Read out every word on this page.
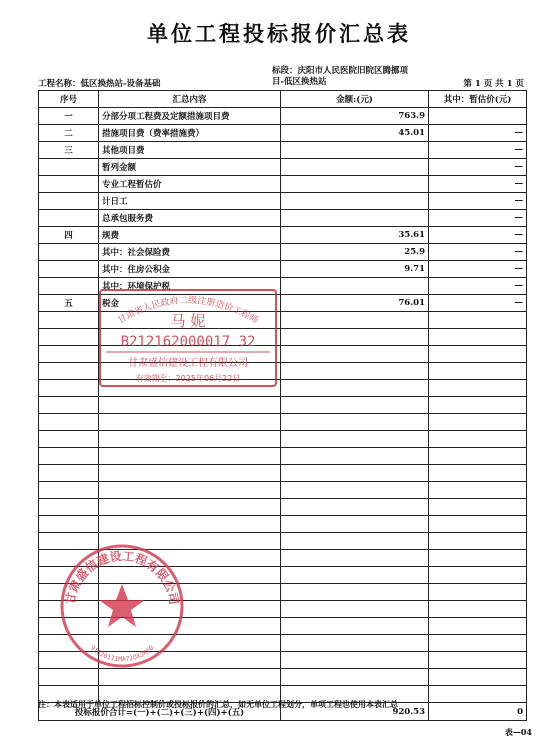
单位工程投标报价汇总表
工程名称：低区换热站-设备基础
标段：庆阳市人民医院旧院区腾挪项目-低区换热站	第 1 页 共 1 页
序号	汇总内容	金额:(元)	其中：暂估价(元)
一	分部分项工程费及定额措施项目费	763.9	
二	措施项目费（费率措施费）	45.01	—
三	其他项目费		—
	暂列金额		—
	专业工程暂估价		—
	计日工		—
	总承包服务费		—
四	规费	35.61	—
	其中：社会保险费	25.9	—
	其中：住房公积金	9.71	—
	其中：环境保护税		—
五	税金	76.01	—

投标报价合计=(一)+(二)+(三)+(四)+(五)		920.53	0
注：本表适用于单位工程招标控制价或投标报价的汇总，如无单位工程划分，单项工程也使用本表汇总
表—04
甘肃省人民政府二级注册造价工程师
马 妮
B212162000017 32
甘肃盛信建设工程有限公司
有效期至：2025年06月22日
甘肃盛信建设工程有限公司
91620111MA72OXJK60
